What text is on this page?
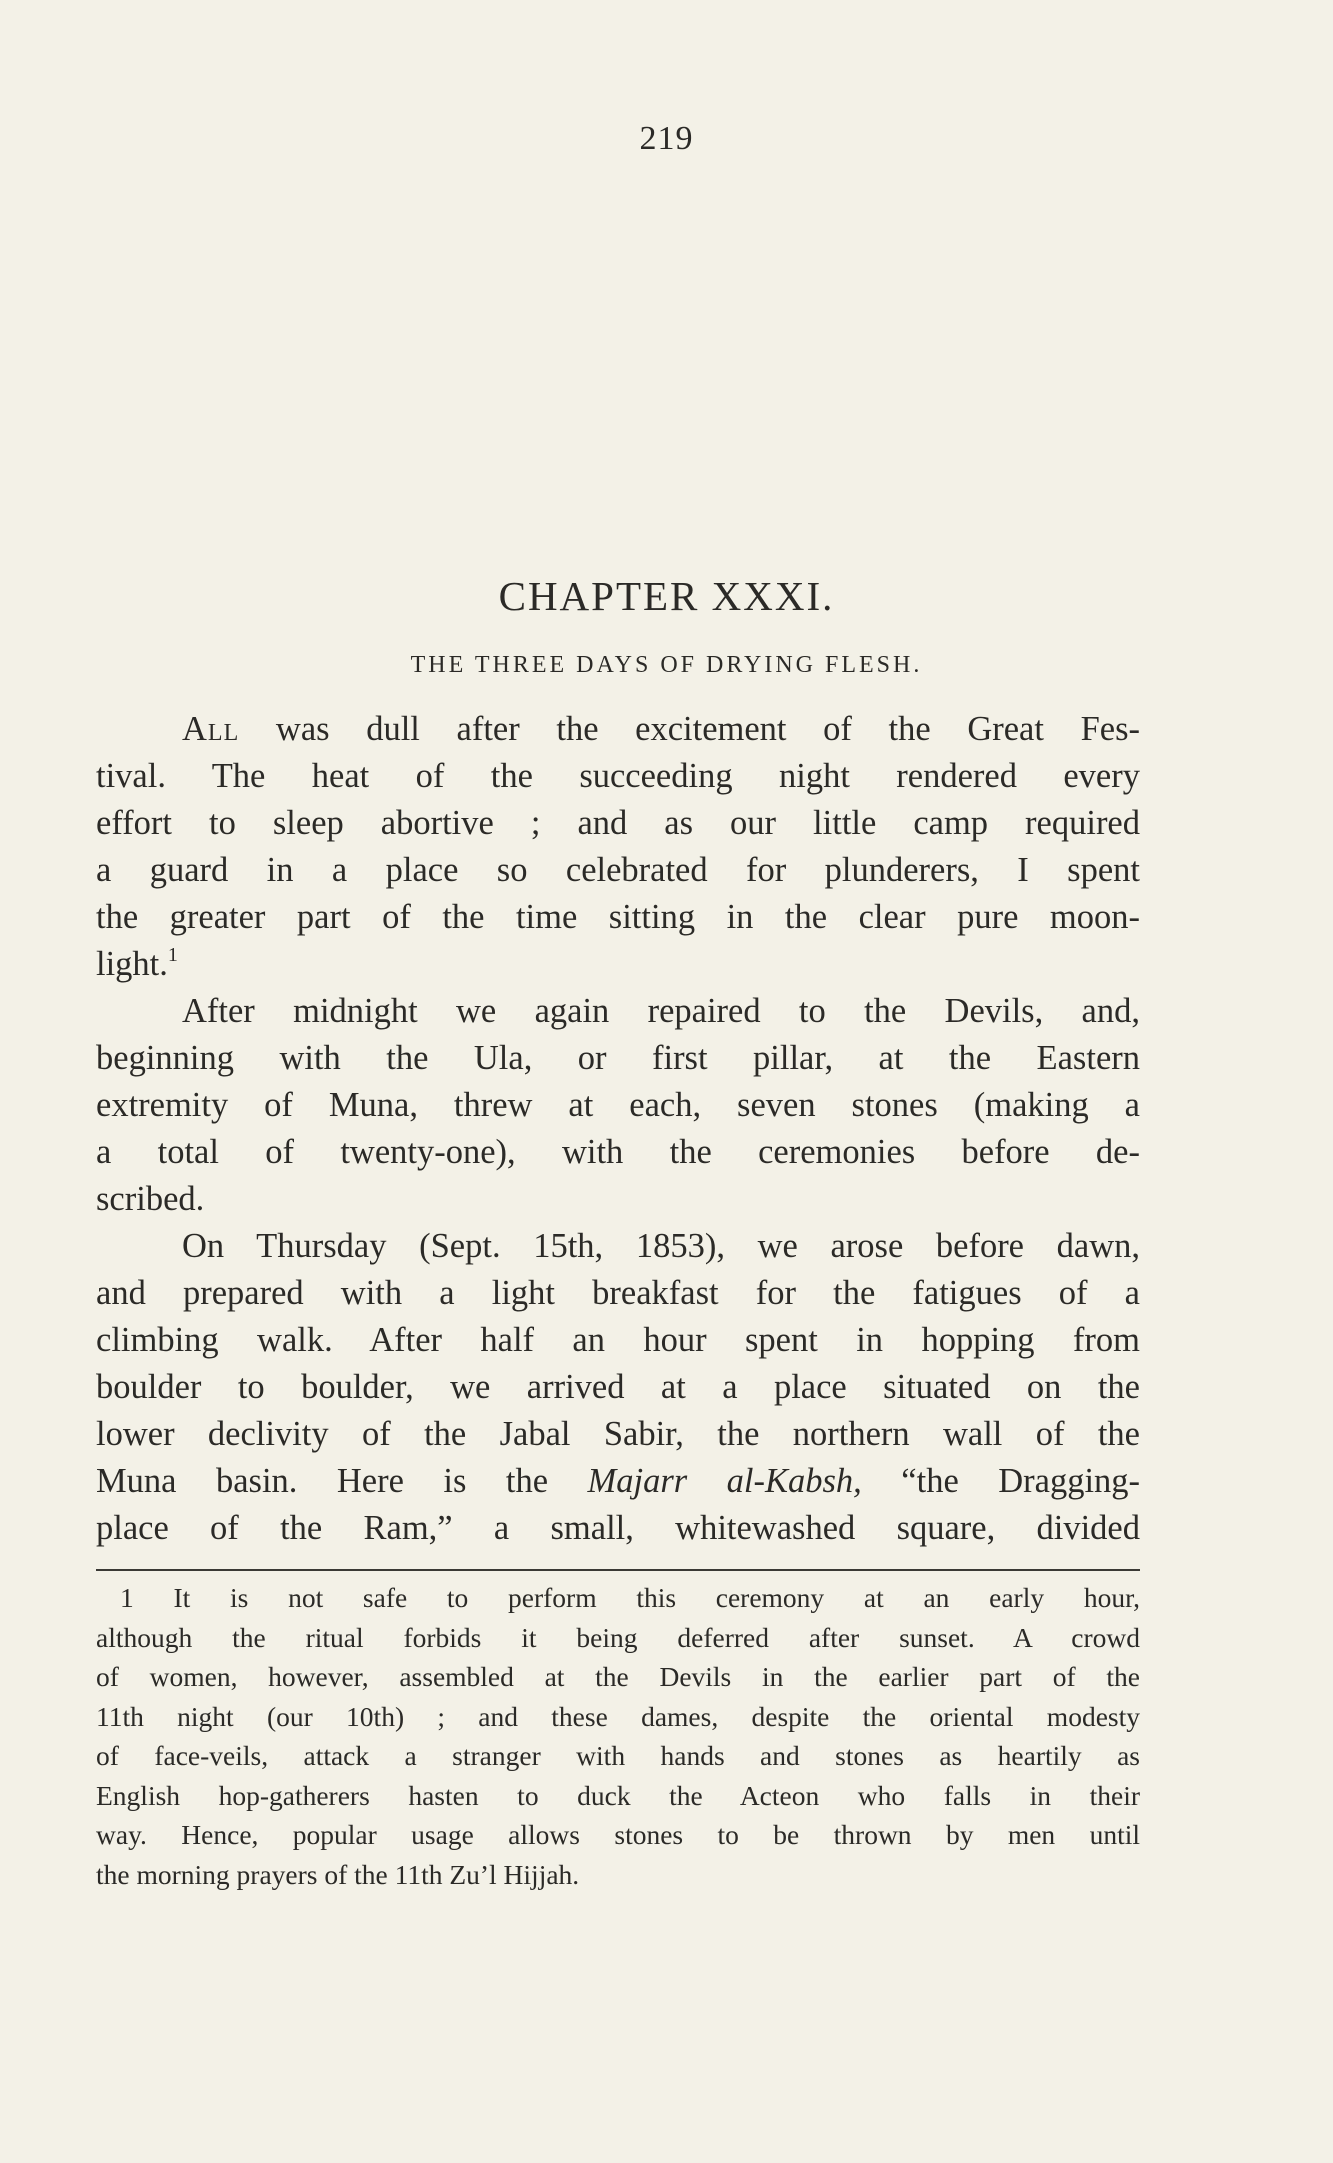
219
CHAPTER XXXI.
THE THREE DAYS OF DRYING FLESH.
All was dull after the excitement of the Great Fes-
tival. The heat of the succeeding night rendered every
effort to sleep abortive ; and as our little camp required
a guard in a place so celebrated for plunderers, I spent
the greater part of the time sitting in the clear pure moon-
light.$^1$
After midnight we again repaired to the Devils, and,
beginning with the Ula, or first pillar, at the Eastern
extremity of Muna, threw at each, seven stones (making a
a total of twenty-one), with the ceremonies before de-
scribed.
On Thursday (Sept. 15th, 1853), we arose before dawn,
and prepared with a light breakfast for the fatigues of a
climbing walk. After half an hour spent in hopping from
boulder to boulder, we arrived at a place situated on the
lower declivity of the Jabal Sabir, the northern wall of the
Muna basin. Here is the Majarr al-Kabsh, “the Dragging-
place of the Ram,” a small, whitewashed square, divided
1 It is not safe to perform this ceremony at an early hour,
although the ritual forbids it being deferred after sunset. A crowd
of women, however, assembled at the Devils in the earlier part of the
11th night (our 10th) ; and these dames, despite the oriental modesty
of face-veils, attack a stranger with hands and stones as heartily as
English hop-gatherers hasten to duck the Acteon who falls in their
way. Hence, popular usage allows stones to be thrown by men until
the morning prayers of the 11th Zu’l Hijjah.
